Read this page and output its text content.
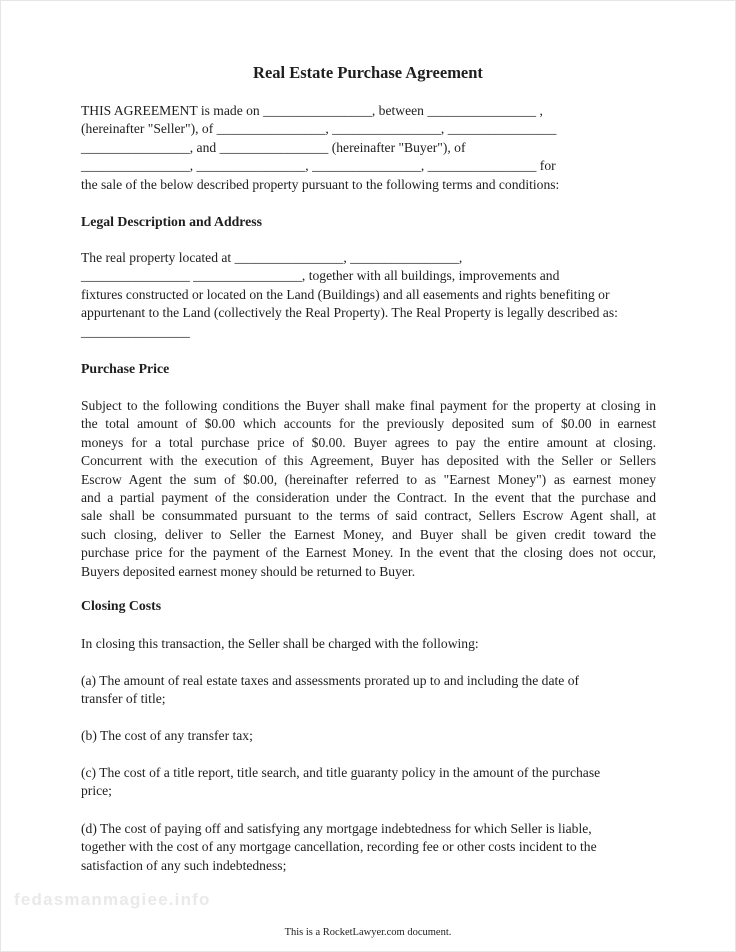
Real Estate Purchase Agreement
THIS AGREEMENT is made on ________________, between ________________ ,
(hereinafter "Seller"), of ________________, ________________, ________________
________________, and ________________ (hereinafter "Buyer"), of
________________, ________________, ________________, ________________ for
the sale of the below described property pursuant to the following terms and conditions:
Legal Description and Address
The real property located at ________________, ________________,
________________ ________________, together with all buildings, improvements and
fixtures constructed or located on the Land (Buildings) and all easements and rights benefiting or
appurtenant to the Land (collectively the Real Property). The Real Property is legally described as:
________________
Purchase Price
Subject to the following conditions the Buyer shall make final payment for the property at closing in
the total amount of $0.00 which accounts for the previously deposited sum of $0.00 in earnest
moneys for a total purchase price of $0.00. Buyer agrees to pay the entire amount at closing.
Concurrent with the execution of this Agreement, Buyer has deposited with the Seller or Sellers
Escrow Agent the sum of $0.00, (hereinafter referred to as "Earnest Money") as earnest money
and a partial payment of the consideration under the Contract. In the event that the purchase and
sale shall be consummated pursuant to the terms of said contract, Sellers Escrow Agent shall, at
such closing, deliver to Seller the Earnest Money, and Buyer shall be given credit toward the
purchase price for the payment of the Earnest Money. In the event that the closing does not occur,
Buyers deposited earnest money should be returned to Buyer.
Closing Costs
In closing this transaction, the Seller shall be charged with the following:
(a) The amount of real estate taxes and assessments prorated up to and including the date of
transfer of title;
(b) The cost of any transfer tax;
(c) The cost of a title report, title search, and title guaranty policy in the amount of the purchase
price;
(d) The cost of paying off and satisfying any mortgage indebtedness for which Seller is liable,
together with the cost of any mortgage cancellation, recording fee or other costs incident to the
satisfaction of any such indebtedness;
fedasmanmagiee.info
This is a RocketLawyer.com document.
